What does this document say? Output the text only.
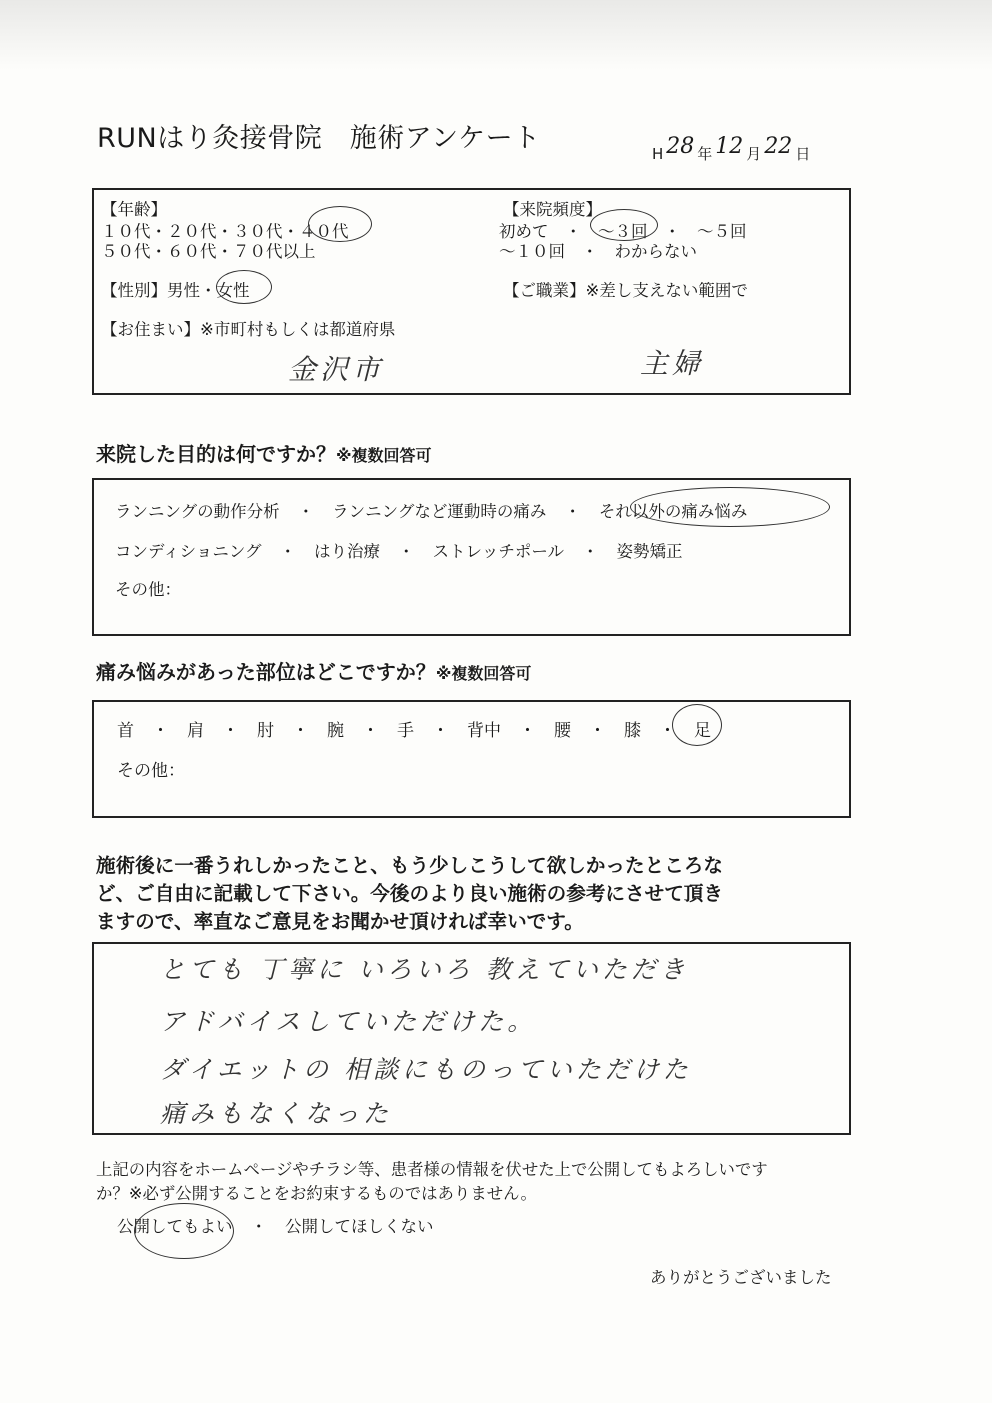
RUNはり灸接骨院　施術アンケート	H 28 年 12 月 22 日
【年齢】
１０代・２０代・３０代・４０代
５０代・６０代・７０代以上
【性別】男性・女性
【お住まい】※市町村もしくは都道府県
金沢市
【来院頻度】
初めて　・　～３回　・　～５回
～１０回　・　わからない
【ご職業】※差し支えない範囲で
主婦
来院した目的は何ですか？※複数回答可
ランニングの動作分析 ・ ランニングなど運動時の痛み ・ それ以外の痛み悩み
コンディショニング ・ はり治療 ・ ストレッチポール ・ 姿勢矯正
その他：
痛み悩みがあった部位はどこですか？※複数回答可
首 ・ 肩 ・ 肘 ・ 腕 ・ 手 ・ 背中 ・ 腰 ・ 膝 ・ 足
その他：
施術後に一番うれしかったこと、もう少しこうして欲しかったところな
ど、ご自由に記載して下さい。今後のより良い施術の参考にさせて頂き
ますので、率直なご意見をお聞かせ頂ければ幸いです。
とても 丁寧に いろいろ 教えていただき
アドバイスしていただけた。
ダイエットの 相談にものっていただけた
痛みもなくなった
上記の内容をホームページやチラシ等、患者様の情報を伏せた上で公開してもよろしいです
か？※必ず公開することをお約束するものではありません。
公開してもよい ・ 公開してほしくない
ありがとうございました
